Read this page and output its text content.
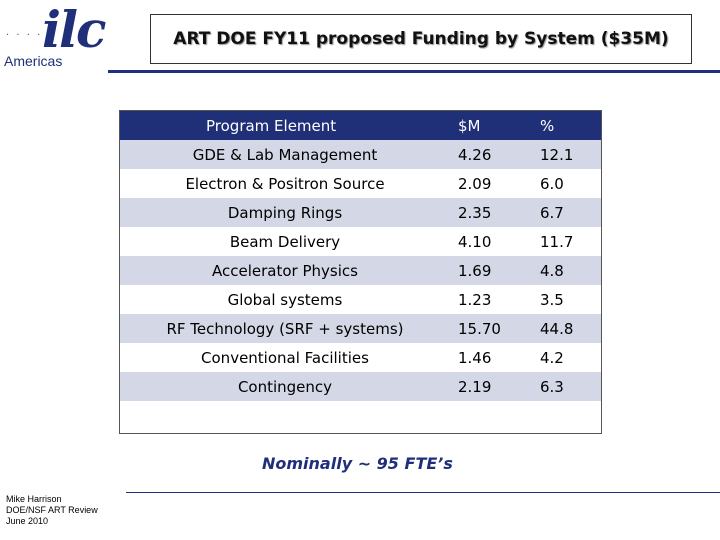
· · · · ilc
Americas
ART DOE FY11 proposed Funding by System ($35M)
Program Element	$M	%
GDE & Lab Management	4.26	12.1
Electron & Positron Source	2.09	6.0
Damping Rings	2.35	6.7
Beam Delivery	4.10	11.7
Accelerator Physics	1.69	4.8
Global systems	1.23	3.5
RF Technology (SRF + systems)	15.70	44.8
Conventional Facilities	1.46	4.2
Contingency	2.19	6.3
Nominally ~ 95 FTE’s
Mike Harrison
DOE/NSF ART Review
June 2010
